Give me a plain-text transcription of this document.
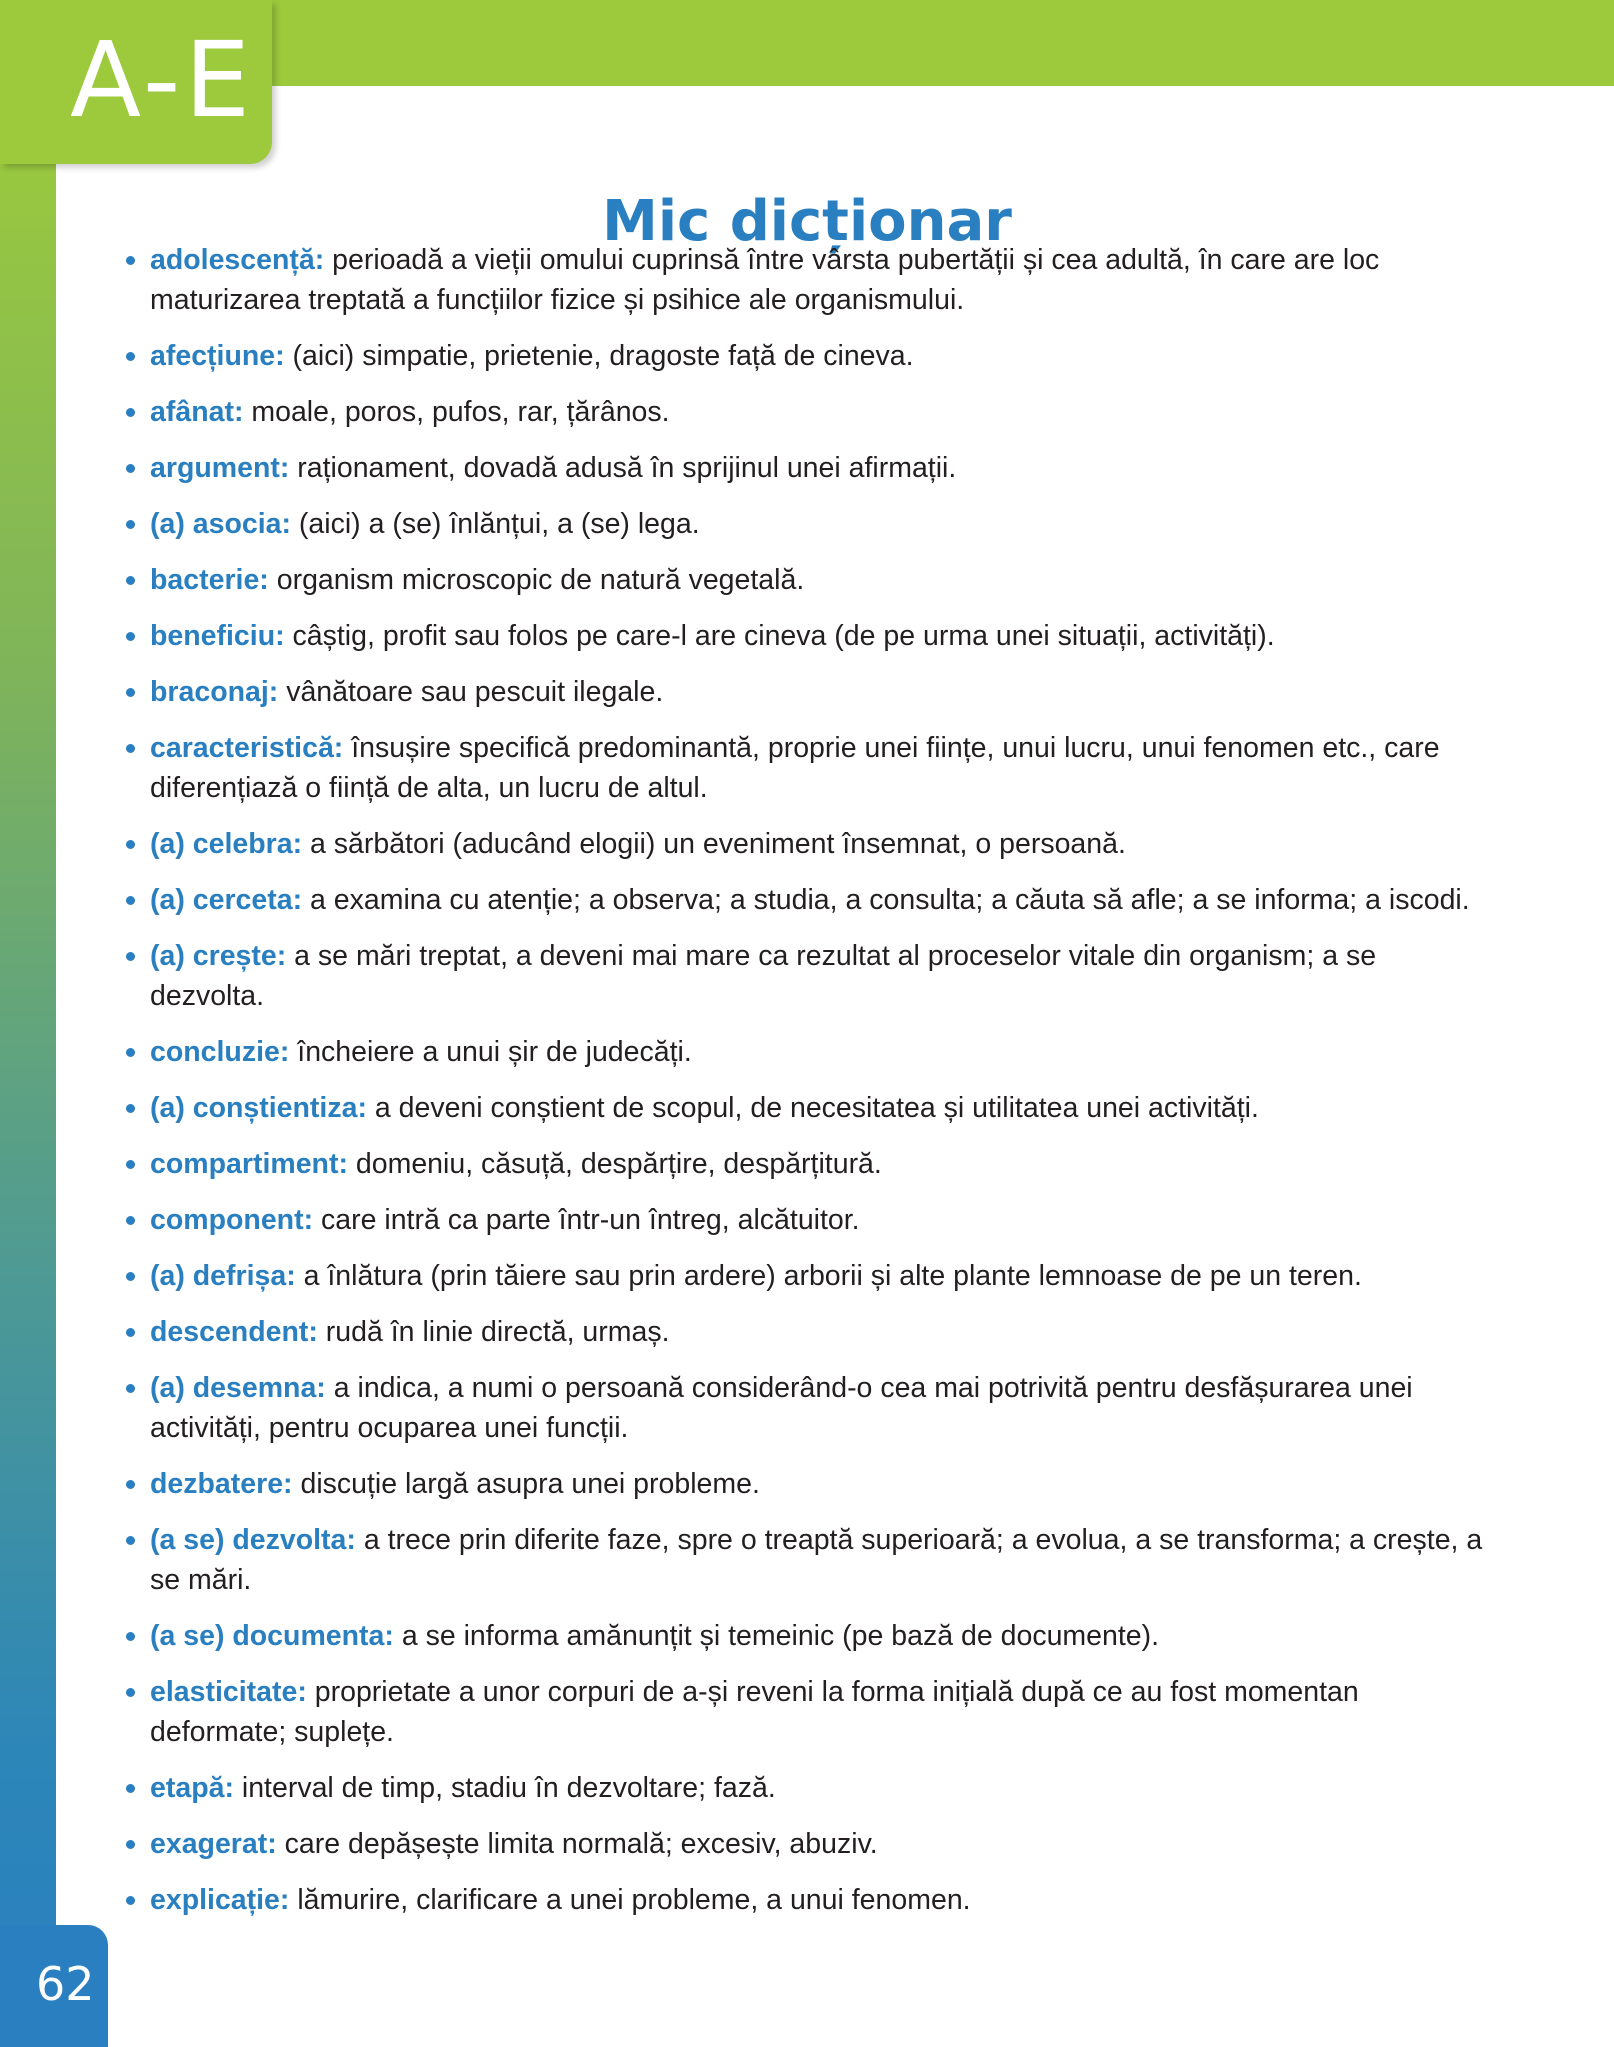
A-E
Mic dicționar
adolescență: perioadă a vieții omului cuprinsă între vârsta pubertății și cea adultă, în care are loc maturizarea treptată a funcțiilor fizice și psihice ale organismului.
afecțiune: (aici) simpatie, prietenie, dragoste față de cineva.
afânat: moale, poros, pufos, rar, țărânos.
argument: raționament, dovadă adusă în sprijinul unei afirmații.
(a) asocia: (aici) a (se) înlănțui, a (se) lega.
bacterie: organism microscopic de natură vegetală.
beneficiu: câștig, profit sau folos pe care-l are cineva (de pe urma unei situații, activități).
braconaj: vânătoare sau pescuit ilegale.
caracteristică: însușire specifică predominantă, proprie unei ființe, unui lucru, unui fenomen etc., care diferențiază o ființă de alta, un lucru de altul.
(a) celebra: a sărbători (aducând elogii) un eveniment însemnat, o persoană.
(a) cerceta: a examina cu atenție; a observa; a studia, a consulta; a căuta să afle; a se informa; a iscodi.
(a) crește: a se mări treptat, a deveni mai mare ca rezultat al proceselor vitale din organism; a se dezvolta.
concluzie: încheiere a unui șir de judecăți.
(a) conștientiza: a deveni conștient de scopul, de necesitatea și utilitatea unei activități.
compartiment: domeniu, căsuță, despărțire, despărțitură.
component: care intră ca parte într-un întreg, alcătuitor.
(a) defrișa: a înlătura (prin tăiere sau prin ardere) arborii și alte plante lemnoase de pe un teren.
descendent: rudă în linie directă, urmaș.
(a) desemna: a indica, a numi o persoană considerând-o cea mai potrivită pentru desfășurarea unei activități, pentru ocuparea unei funcții.
dezbatere: discuție largă asupra unei probleme.
(a se) dezvolta: a trece prin diferite faze, spre o treaptă superioară; a evolua, a se transforma; a crește, a se mări.
(a se) documenta: a se informa amănunțit și temeinic (pe bază de documente).
elasticitate: proprietate a unor corpuri de a-și reveni la forma inițială după ce au fost momentan deformate; suplețe.
etapă: interval de timp, stadiu în dezvoltare; fază.
exagerat: care depășește limita normală; excesiv, abuziv.
explicație: lămurire, clarificare a unei probleme, a unui fenomen.
62
